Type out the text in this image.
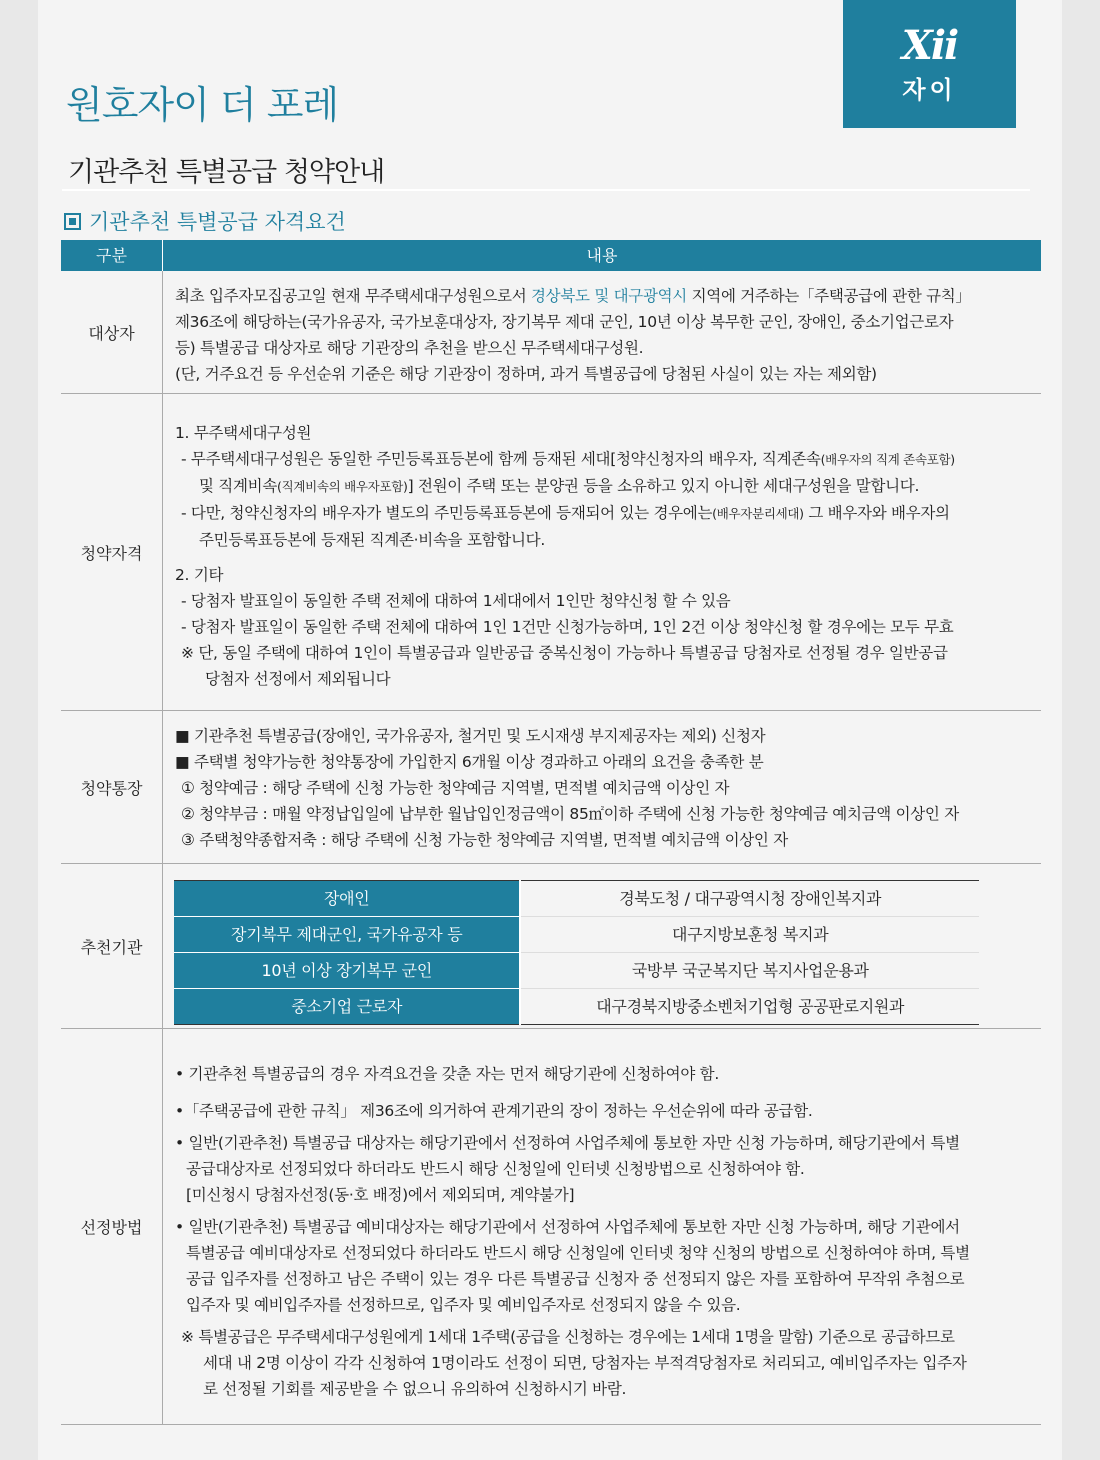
Xii
자이
원호자이 더 포레
기관추천 특별공급 청약안내
기관추천 특별공급 자격요건
구분	내용
대상자
최초 입주자모집공고일 현재 무주택세대구성원으로서 경상북도 및 대구광역시 지역에 거주하는「주택공급에 관한 규칙」
제36조에 해당하는(국가유공자, 국가보훈대상자, 장기복무 제대 군인, 10년 이상 복무한 군인, 장애인, 중소기업근로자
등) 특별공급 대상자로 해당 기관장의 추천을 받으신 무주택세대구성원.
(단, 거주요건 등 우선순위 기준은 해당 기관장이 정하며, 과거 특별공급에 당첨된 사실이 있는 자는 제외함)
청약자격
1. 무주택세대구성원
- 무주택세대구성원은 동일한 주민등록표등본에 함께 등재된 세대[청약신청자의 배우자, 직계존속(배우자의 직계 존속포함)
및 직계비속(직계비속의 배우자포함)] 전원이 주택 또는 분양권 등을 소유하고 있지 아니한 세대구성원을 말합니다.
- 다만, 청약신청자의 배우자가 별도의 주민등록표등본에 등재되어 있는 경우에는(배우자분리세대) 그 배우자와 배우자의
주민등록표등본에 등재된 직계존·비속을 포함합니다.
2. 기타
- 당첨자 발표일이 동일한 주택 전체에 대하여 1세대에서 1인만 청약신청 할 수 있음
- 당첨자 발표일이 동일한 주택 전체에 대하여 1인 1건만 신청가능하며, 1인 2건 이상 청약신청 할 경우에는 모두 무효
※ 단, 동일 주택에 대하여 1인이 특별공급과 일반공급 중복신청이 가능하나 특별공급 당첨자로 선정될 경우 일반공급
당첨자 선정에서 제외됩니다
청약통장
■ 기관추천 특별공급(장애인, 국가유공자, 철거민 및 도시재생 부지제공자는 제외) 신청자
■ 주택별 청약가능한 청약통장에 가입한지 6개월 이상 경과하고 아래의 요건을 충족한 분
① 청약예금 : 해당 주택에 신청 가능한 청약예금 지역별, 면적별 예치금액 이상인 자
② 청약부금 : 매월 약정납입일에 납부한 월납입인정금액이 85㎡이하 주택에 신청 가능한 청약예금 예치금액 이상인 자
③ 주택청약종합저축 : 해당 주택에 신청 가능한 청약예금 지역별, 면적별 예치금액 이상인 자
추천기관
장애인	경북도청 / 대구광역시청 장애인복지과
장기복무 제대군인, 국가유공자 등	대구지방보훈청 복지과
10년 이상 장기복무 군인	국방부 국군복지단 복지사업운용과
중소기업 근로자	대구경북지방중소벤처기업형 공공판로지원과
선정방법
• 기관추천 특별공급의 경우 자격요건을 갖춘 자는 먼저 해당기관에 신청하여야 함.
•「주택공급에 관한 규칙」 제36조에 의거하여 관계기관의 장이 정하는 우선순위에 따라 공급함.
• 일반(기관추천) 특별공급 대상자는 해당기관에서 선정하여 사업주체에 통보한 자만 신청 가능하며, 해당기관에서 특별
공급대상자로 선정되었다 하더라도 반드시 해당 신청일에 인터넷 신청방법으로 신청하여야 함.
[미신청시 당첨자선정(동·호 배정)에서 제외되며, 계약불가]
• 일반(기관추천) 특별공급 예비대상자는 해당기관에서 선정하여 사업주체에 통보한 자만 신청 가능하며, 해당 기관에서
특별공급 예비대상자로 선정되었다 하더라도 반드시 해당 신청일에 인터넷 청약 신청의 방법으로 신청하여야 하며, 특별
공급 입주자를 선정하고 남은 주택이 있는 경우 다른 특별공급 신청자 중 선정되지 않은 자를 포함하여 무작위 추첨으로
입주자 및 예비입주자를 선정하므로, 입주자 및 예비입주자로 선정되지 않을 수 있음.
※ 특별공급은 무주택세대구성원에게 1세대 1주택(공급을 신청하는 경우에는 1세대 1명을 말함) 기준으로 공급하므로
세대 내 2명 이상이 각각 신청하여 1명이라도 선정이 되면, 당첨자는 부적격당첨자로 처리되고, 예비입주자는 입주자
로 선정될 기회를 제공받을 수 없으니 유의하여 신청하시기 바람.
